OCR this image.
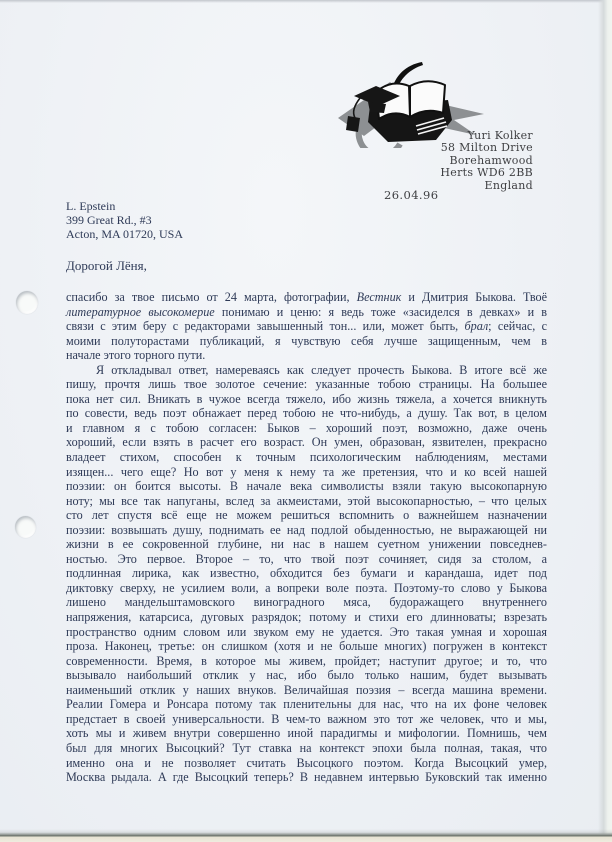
Yuri Kolker
58 Milton Drive
Borehamwood
Herts WD6 2BB
England
26.04.96
L. Epstein
399 Great Rd., #3
Acton, MA 01720, USA
Дорогой Лёня,
спасибо за твое письмо от 24 марта, фотографии, Вестник и Дмитрия Быкова. Твоё
литературное высокомерие понимаю и ценю: я ведь тоже «засиделся в девках» и в
связи с этим беру с редакторами завышенный тон... или, может быть, брал; сейчас, с
моими полуторастами публикаций, я чувствую себя лучше защищенным, чем в
начале этого торного пути.
Я откладывал ответ, намереваясь как следует прочесть Быкова. В итоге всё же
пишу, прочтя лишь твое золотое сечение: указанные тобою страницы. На большее
пока нет сил. Вникать в чужое всегда тяжело, ибо жизнь тяжела, а хочется вникнуть
по совести, ведь поэт обнажает перед тобою не что-нибудь, а душу. Так вот, в целом
и главном я с тобою согласен: Быков – хороший поэт, возможно, даже очень
хороший, если взять в расчет его возраст. Он умен, образован, язвителен, прекрасно
владеет стихом, способен к точным психологическим наблюдениям, местами
изящен... чего еще? Но вот у меня к нему та же претензия, что и ко всей нашей
поэзии: он боится высоты. В начале века символисты взяли такую высокопарную
ноту; мы все так напуганы, вслед за акмеистами, этой высокопарностью, – что целых
сто лет спустя всё еще не можем решиться вспомнить о важнейшем назначении
поэзии: возвышать душу, поднимать ее над подлой обыденностью, не выражающей ни
жизни в ее сокровенной глубине, ни нас в нашем суетном унижении повседнев-
ностью. Это первое. Второе – то, что твой поэт сочиняет, сидя за столом, а
подлинная лирика, как известно, обходится без бумаги и карандаша, идет под
диктовку сверху, не усилием воли, а вопреки воле поэта. Поэтому-то слово у Быкова
лишено мандельштамовского виноградного мяса, будоражащего внутреннего
напряжения, катарсиса, дуговых разрядок; потому и стихи его длинноваты; взрезать
пространство одним словом или звуком ему не удается. Это такая умная и хорошая
проза. Наконец, третье: он слишком (хотя и не больше многих) погружен в контекст
современности. Время, в которое мы живем, пройдет; наступит другое; и то, что
вызывало наибольший отклик у нас, ибо было только нашим, будет вызывать
наименьший отклик у наших внуков. Величайшая поэзия – всегда машина времени.
Реалии Гомера и Ронсара потому так пленительны для нас, что на их фоне человек
предстает в своей универсальности. В чем-то важном это тот же человек, что и мы,
хоть мы и живем внутри совершенно иной парадигмы и мифологии. Помнишь, чем
был для многих Высоцкий? Тут ставка на контекст эпохи была полная, такая, что
именно она и не позволяет считать Высоцкого поэтом. Когда Высоцкий умер,
Москва рыдала. А где Высоцкий теперь? В недавнем интервью Буковский так именно
